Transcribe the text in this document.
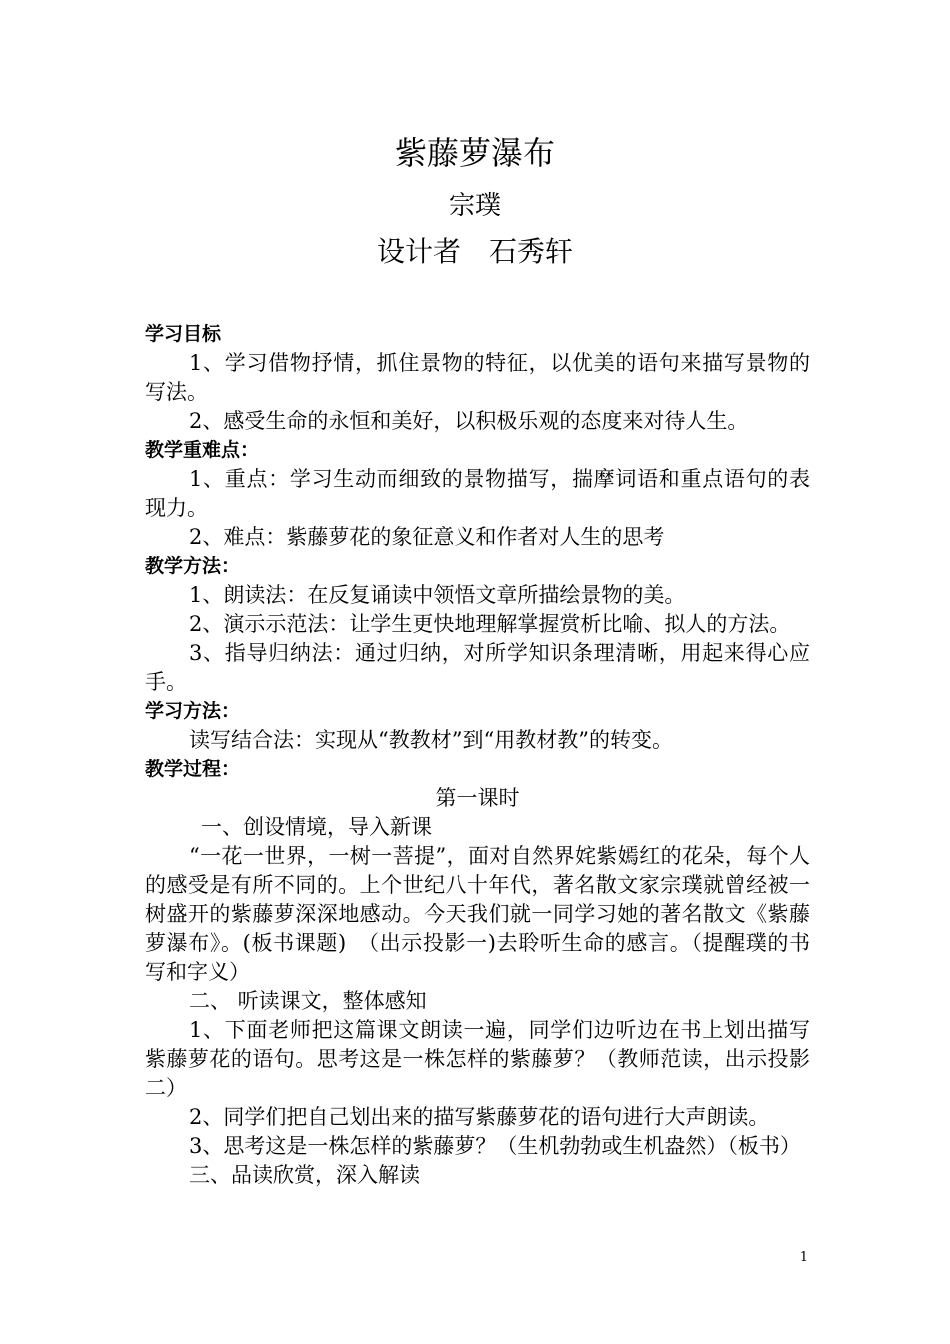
紫藤萝瀑布
宗璞
设计者　石秀轩

学习目标

1、学习借物抒情，抓住景物的特征，以优美的语句来描写景物的写法。

2、感受生命的永恒和美好，以积极乐观的态度来对待人生。

教学重难点：

1、重点：学习生动而细致的景物描写，揣摩词语和重点语句的表现力。

2、难点：紫藤萝花的象征意义和作者对人生的思考

教学方法：

1、朗读法：在反复诵读中领悟文章所描绘景物的美。

2、演示示范法：让学生更快地理解掌握赏析比喻、拟人的方法。

3、指导归纳法：通过归纳，对所学知识条理清晰，用起来得心应手。

学习方法：

读写结合法：实现从“教教材”到“用教材教”的转变。

教学过程：

第一课时

一、创设情境，导入新课

“一花一世界，一树一菩提”，面对自然界姹紫嫣红的花朵，每个人的感受是有所不同的。上个世纪八十年代，著名散文家宗璞就曾经被一树盛开的紫藤萝深深地感动。今天我们就一同学习她的著名散文《紫藤萝瀑布》。(板书课题)　（出示投影一)去聆听生命的感言。（提醒璞的书写和字义）

二、 听读课文，整体感知

1、下面老师把这篇课文朗读一遍，同学们边听边在书上划出描写紫藤萝花的语句。思考这是一株怎样的紫藤萝？（教师范读，出示投影二）

2、同学们把自己划出来的描写紫藤萝花的语句进行大声朗读。

3、思考这是一株怎样的紫藤萝？（生机勃勃或生机盎然）（板书）

三、品读欣赏，深入解读

1
